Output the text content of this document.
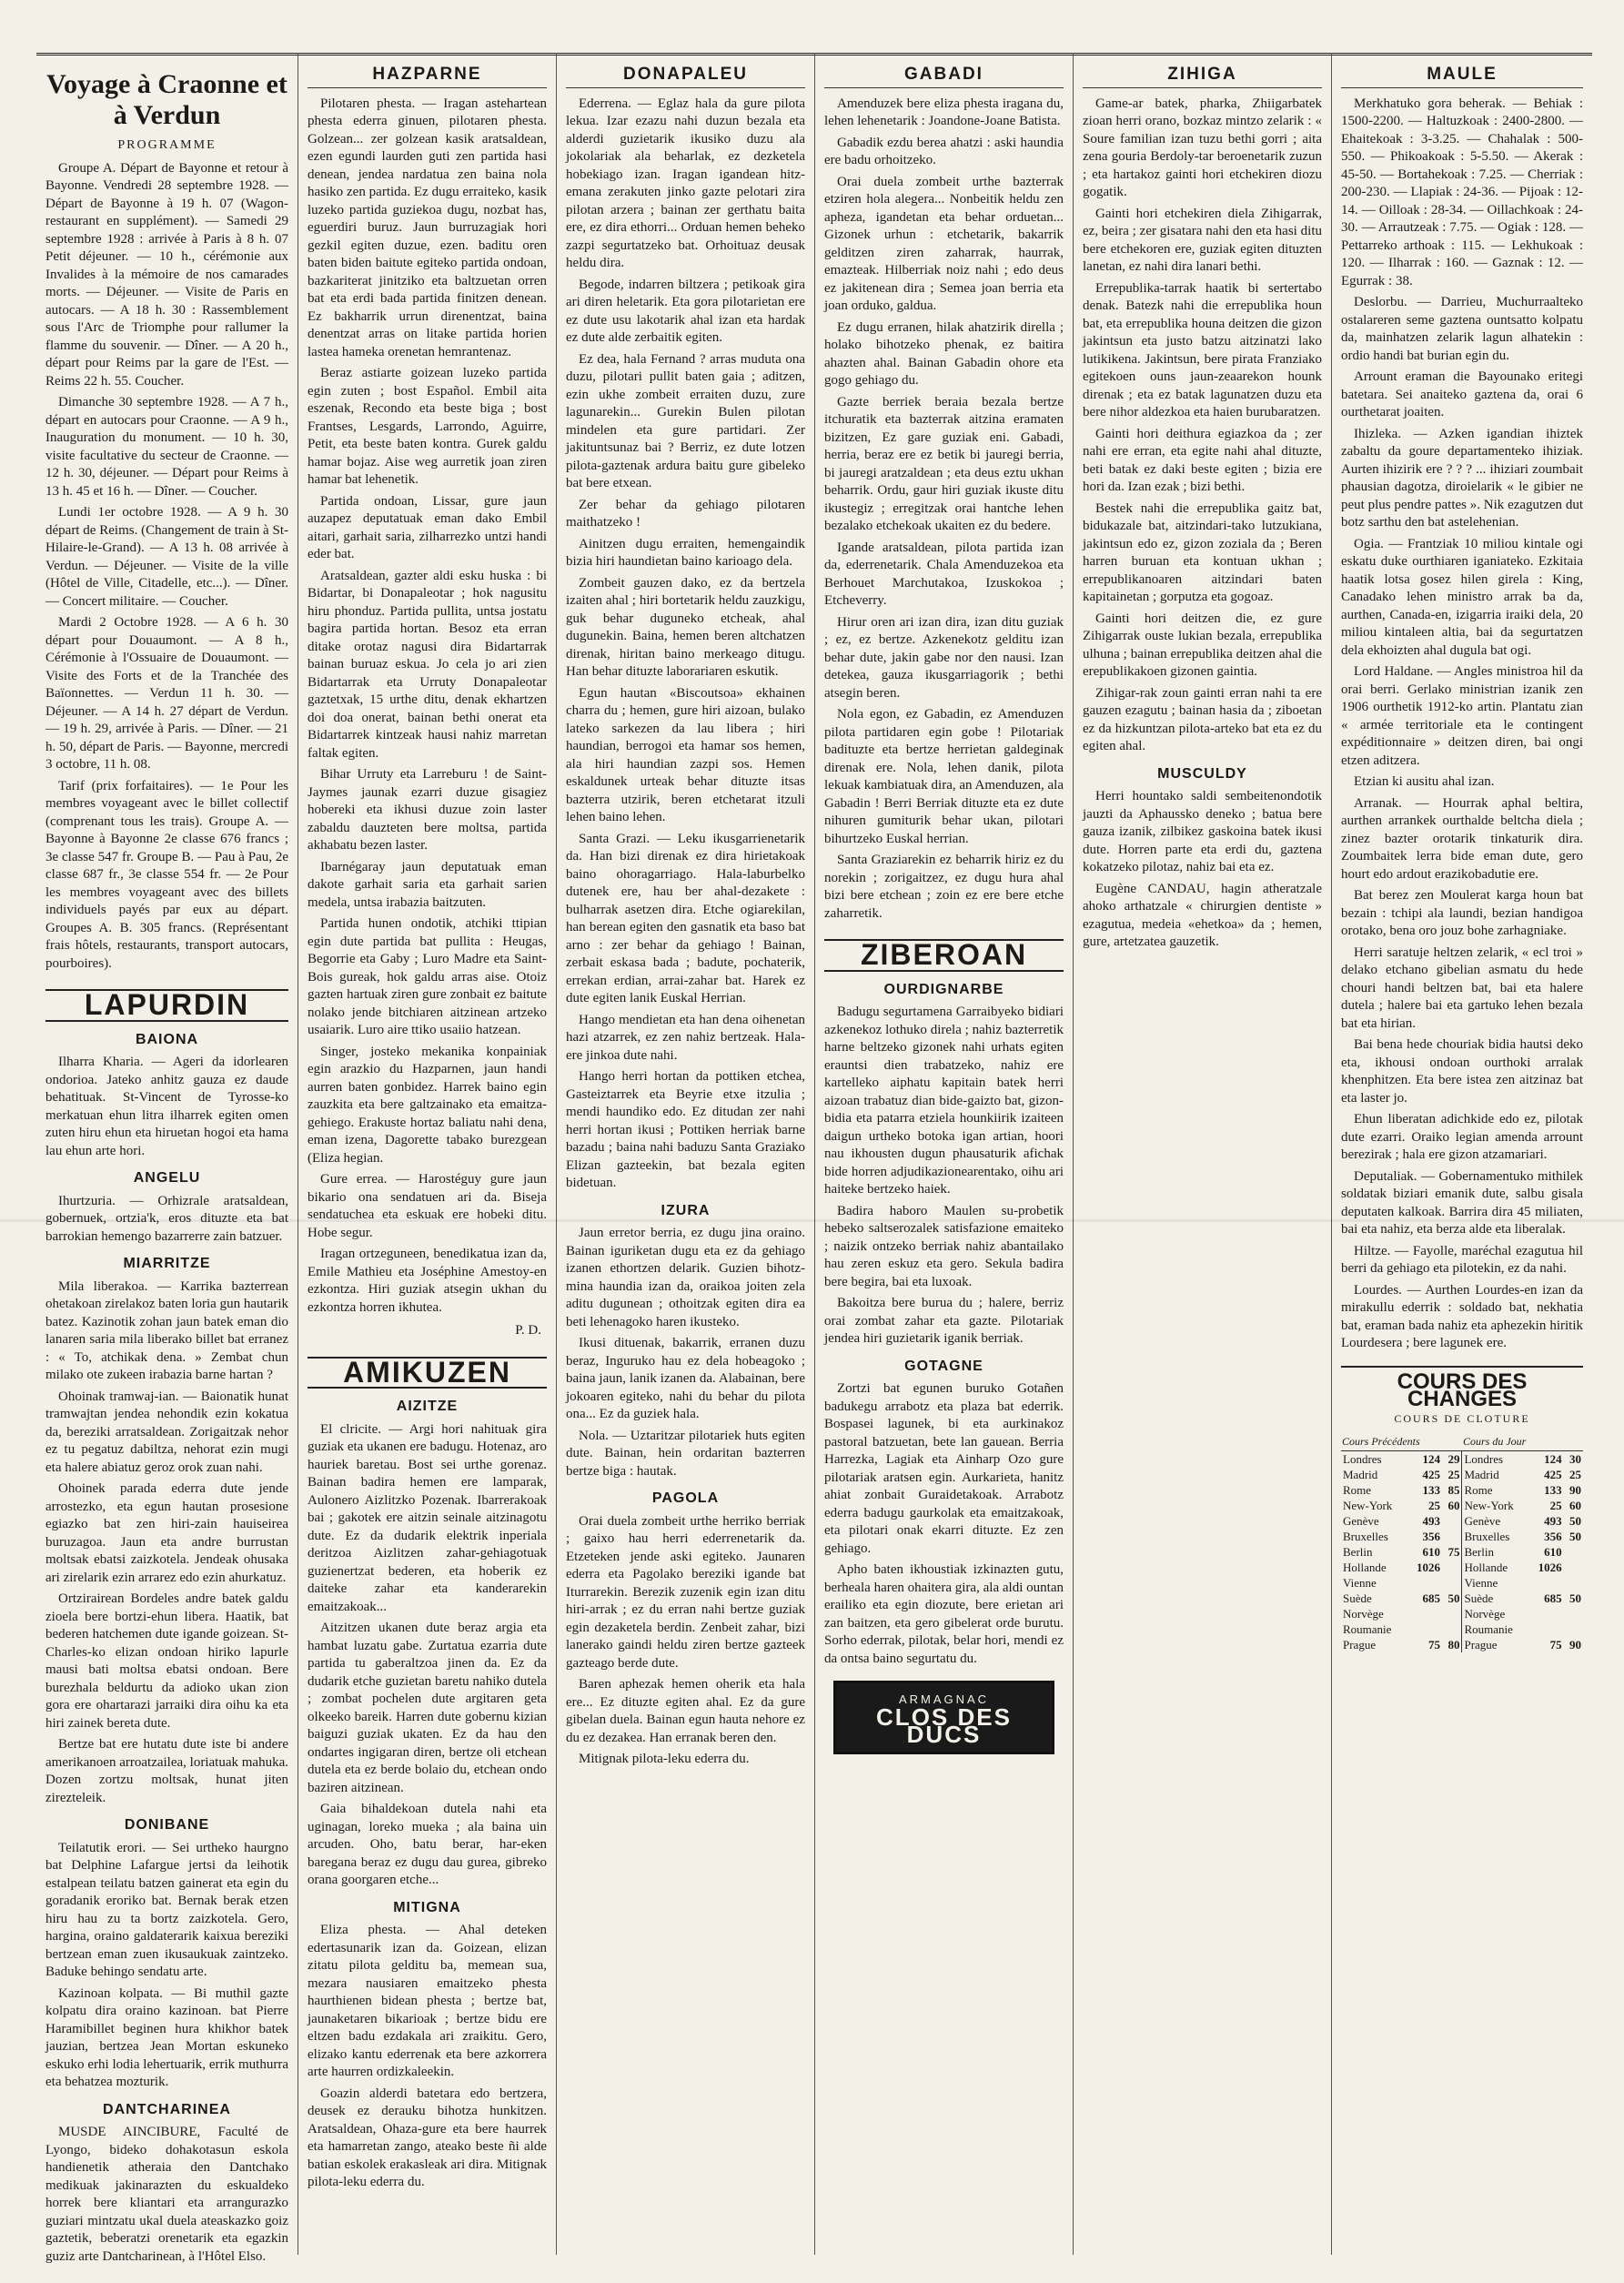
Voyage à Craonne et à Verdun
PROGRAMME

Groupe A. Départ de Bayonne et retour à Bayonne. Vendredi 28 septembre 1928. — Départ de Bayonne à 19 h. 07 (Wagon-restaurant en supplément). — Samedi 29 septembre 1928 : arrivée à Paris à 8 h. 07 Petit déjeuner. — 10 h., cérémonie aux Invalides à la mémoire de nos camarades morts. — Déjeuner. — Visite de Paris en autocars. — A 18 h. 30 : Rassemblement sous l'Arc de Triomphe pour rallumer la flamme du souvenir. — Dîner. — A 20 h., départ pour Reims par la gare de l'Est. — Reims 22 h. 55. Coucher.

Dimanche 30 septembre 1928. — A 7 h., départ en autocars pour Craonne. — A 9 h., Inauguration du monument. — 10 h. 30, visite facultative du secteur de Craonne. — 12 h. 30, déjeuner. — Départ pour Reims à 13 h. 45 et 16 h. — Dîner. — Coucher.

Lundi 1er octobre 1928. — A 9 h. 30 départ de Reims. (Changement de train à St-Hilaire-le-Grand). — A 13 h. 08 arrivée à Verdun. — Déjeuner. — Visite de la ville (Hôtel de Ville, Citadelle, etc...). — Dîner. — Concert militaire. — Coucher.

Mardi 2 Octobre 1928. — A 6 h. 30 départ pour Douaumont. — A 8 h., Cérémonie à l'Ossuaire de Douaumont. — Visite des Forts et de la Tranchée des Baïonnettes. — Verdun 11 h. 30. — Déjeuner. — A 14 h. 27 départ de Verdun. — 19 h. 29, arrivée à Paris. — Dîner. — 21 h. 50, départ de Paris. — Bayonne, mercredi 3 octobre, 11 h. 08.

Tarif (prix forfaitaires). — 1e Pour les membres voyageant avec le billet collectif (comprenant tous les trais). Groupe A. — Bayonne à Bayonne 2e classe 676 francs ; 3e classe 547 fr. Groupe B. — Pau à Pau, 2e classe 687 fr., 3e classe 554 fr. — 2e Pour les membres voyageant avec des billets individuels payés par eux au départ. Groupes A. B. 305 francs. (Représentant frais hôtels, restaurants, transport autocars, pourboires).

LAPURDIN
BAIONA

Ilharra Kharia. — Ageri da idorlearen ondorioa. Jateko anhitz gauza ez daude behatituak. St-Vincent de Tyrosse-ko merkatuan ehun litra ilharrek egiten omen zuten hiru ehun eta hiruetan hogoi eta hama lau ehun arte hori.

ANGELU

Ihurtzuria. — Orhizrale aratsaldean, gobernuek, ortzia'k, eros dituzte eta bat barrokian hemengo bazarrerre zain batzuer.

MIARRITZE

Mila liberakoa. — Karrika bazterrean ohetakoan zirelakoz baten loria gun hautarik batez. Kazinotik zohan jaun batek eman dio lanaren saria mila liberako billet bat erranez : « To, atchikak dena. » Zembat chun milako ote zukeen irabazia barne hartan ?

Ohoinak tramwaj-ian. — Baionatik hunat tramwajtan jendea nehondik ezin kokatua da, bereziki arratsaldean. Zorigaitzak nehor ez tu pegatuz dabiltza, nehorat ezin mugi eta halere abiatuz geroz orok zuan nahi.

Ohoinek parada ederra dute jende arrostezko, eta egun hautan prosesione egiazko bat zen hiri-zain hauiseirea buruzagoa. Jaun eta andre burrustan moltsak ebatsi zaizkotela. Jendeak ohusaka ari zirelarik ezin arrarez edo ezin ahurkatuz.

Ortzirairean Bordeles andre batek galdu zioela bere bortzi-ehun libera. Haatik, bat bederen hatchemen dute igande goizean. St-Charles-ko elizan ondoan hiriko lapurle mausi bati moltsa ebatsi ondoan. Bere burezhala beldurtu da adioko ukan zion gora ere ohartarazi jarraiki dira oihu ka eta hiri zainek bereta dute.

Bertze bat ere hutatu dute iste bi andere amerikanoen arroatzailea, loriatuak mahuka. Dozen zortzu moltsak, hunat jiten zirezteleik.

DONIBANE

Teilatutik erori. — Sei urtheko haurgno bat Delphine Lafargue jertsi da leihotik estalpean teilatu batzen gainerat eta egin du goradanik eroriko bat. Bernak berak etzen hiru hau zu ta bortz zaizkotela. Gero, hargina, oraino galdaterarik kaixua bereziki bertzean eman zuen ikusaukuak zaintzeko. Baduke behingo sendatu arte.

Kazinoan kolpata. — Bi muthil gazte kolpatu dira oraino kazinoan. bat Pierre Haramibillet beginen hura khikhor batek jauzian, bertzea Jean Mortan eskuneko eskuko erhi lodia lehertuarik, errik muthurra eta behatzea mozturik.

DANTCHARINEA

MUSDE AINCIBURE, Faculté de Lyongo, bideko dohakotasun eskola handienetik atheraia den Dantchako medikuak jakinarazten du eskualdeko horrek bere kliantari eta arrangurazko guziari mintzatu ukal duela ateaskazko goiz gaztetik, beberatzi orenetarik eta egazkin guziz arte Dantcharinean, à l'Hôtel Elso.

HAZPARNE

Pilotaren phesta. — Iragan astehartean phesta ederra ginuen, pilotaren phesta. Golzean... zer golzean kasik aratsaldean, ezen egundi laurden guti zen partida hasi denean, jendea nardatua zen baina nola hasiko zen partida. Ez dugu erraiteko, kasik luzeko partida guziekoa dugu, nozbat has, eguerdiri buruz. Jaun burruzagiak hori gezkil egiten duzue, ezen. baditu oren baten biden baitute egiteko partida ondoan, bazkariterat jinitziko eta baltzuetan orren bat eta erdi bada partida finitzen denean. Ez bakharrik urrun direnentzat, baina denentzat arras on litake partida horien lastea hameka orenetan hemrantenaz.

Beraz astiarte goizean luzeko partida egin zuten ; bost Español. Embil aita eszenak, Recondo eta beste biga ; bost Frantses, Lesgards, Larrondo, Aguirre, Petit, eta beste baten kontra. Gurek galdu hamar bojaz. Aise weg aurretik joan ziren hamar bat lehenetik.

Partida ondoan, Lissar, gure jaun auzapez deputatuak eman dako Embil aitari, garhait saria, zilharrezko untzi handi eder bat.

Aratsaldean, gazter aldi esku huska : bi Bidartar, bi Donapaleotar ; hok nagusitu hiru phonduz. Partida pullita, untsa jostatu bagira partida hortan. Besoz eta erran ditake orotaz nagusi dira Bidartarrak bainan buruaz eskua. Jo cela jo ari zien Bidartarrak eta Urruty Donapaleotar gaztetxak, 15 urthe ditu, denak ekhartzen doi doa onerat, bainan bethi onerat eta Bidartarrek kintzeak hausi nahiz marretan faltak egiten.

Bihar Urruty eta Larreburu ! de Saint-Jaymes jaunak ezarri duzue gisagiez hobereki eta ikhusi duzue zoin laster zabaldu dauzteten bere moltsa, partida akhabatu bezen laster.

Ibarnégaray jaun deputatuak eman dakote garhait saria eta garhait sarien medela, untsa irabazia baitzuten.

Partida hunen ondotik, atchiki ttipian egin dute partida bat pullita : Heugas, Begorrie eta Gaby ; Luro Madre eta Saint-Bois gureak, hok galdu arras aise. Otoiz gazten hartuak ziren gure zonbait ez baitute nolako jende bitchiaren aitzinean artzeko usaiarik. Luro aire ttiko usaiio hatzean.

Singer, josteko mekanika konpainiak egin arazkio du Hazparnen, jaun handi aurren baten gonbidez. Harrek baino egin zauzkita eta bere galtzainako eta emaitza-gehiego. Erakuste hortaz baliatu nahi dena, eman izena, Dagorette tabako burezgean (Eliza hegian.

Gure errea. — Harostéguy gure jaun bikario ona sendatuen ari da. Biseja sendatuchea eta eskuak ere hobeki ditu. Hobe segur.

Iragan ortzeguneen, benedikatua izan da, Emile Mathieu eta Joséphine Amestoy-en ezkontza. Hiri guziak atsegin ukhan du ezkontza horren ikhutea.

P. D.
AMIKUZEN
AIZITZE

El clricite. — Argi hori nahituak gira guziak eta ukanen ere badugu. Hotenaz, aro hauriek baretau. Bost sei urthe gorenaz. Bainan badira hemen ere lamparak, Aulonero Aizlitzko Pozenak. Ibarrerakoak bai ; gakotek ere aitzin seinale aitzinagotu dute. Ez da dudarik elektrik inperiala deritzoa Aizlitzen zahar-gehiagotuak guzienertzat bederen, eta hoberik ez daiteke zahar eta kanderarekin emaitzakoak...

Aitzitzen ukanen dute beraz argia eta hambat luzatu gabe. Zurtatua ezarria dute partida tu gaberaltzoa jinen da. Ez da dudarik etche guzietan baretu nahiko dutela ; zombat pochelen dute argitaren geta olkeeko bareik. Harren dute gobernu kizian baiguzi guziak ukaten. Ez da hau den ondartes ingigaran diren, bertze oli etchean dutela eta ez berde bolaio du, etchean ondo baziren aitzinean.

Gaia bihaldekoan dutela nahi eta uginagan, loreko mueka ; ala baina uin arcuden. Oho, batu berar, har-eken baregana beraz ez dugu dau gurea, gibreko orana goorgaren etche...

MITIGNA

Eliza phesta. — Ahal deteken edertasunarik izan da. Goizean, elizan zitatu pilota gelditu ba, memean sua, mezara nausiaren emaitzeko phesta haurthienen bidean phesta ; bertze bat, jaunaketaren bikarioak ; bertze bidu ere eltzen badu ezdakala ari zraikitu. Gero, elizako kantu ederrenak eta bere azkorrera arte haurren ordizkaleekin.

Goazin alderdi batetara edo bertzera, deusek ez derauku bihotza hunkitzen. Aratsaldean, Ohaza-gure eta bere haurrek eta hamarretan zango, ateako beste ñi alde batian eskolek erakasleak ari dira. Mitignak pilota-leku ederra du.

DONAPALEU

Ederrena. — Eglaz hala da gure pilota lekua. Izar ezazu nahi duzun bezala eta alderdi guzietarik ikusiko duzu ala jokolariak ala beharlak, ez dezketela hobekiago izan. Iragan igandean hitz-emana zerakuten jinko gazte pelotari zira pilotan arzera ; bainan zer gerthatu baita ere, ez dira ethorri... Orduan hemen beheko zazpi segurtatzeko bat. Orhoituaz deusak heldu dira.

Begode, indarren biltzera ; petikoak gira ari diren heletarik. Eta gora pilotarietan ere ez dute usu lakotarik ahal izan eta hardak ez dute alde zerbaitik egiten.

Ez dea, hala Fernand ? arras muduta ona duzu, pilotari pullit baten gaia ; aditzen, ezin ukhe zombeit erraiten duzu, zure lagunarekin... Gurekin Bulen pilotan mindelen eta gure partidari. Zer jakituntsunaz bai ? Berriz, ez dute lotzen pilota-gaztenak ardura baitu gure gibeleko bat bere etxean.

Zer behar da gehiago pilotaren maithatzeko !

Ainitzen dugu erraiten, hemengaindik bizia hiri haundietan baino karioago dela.

Zombeit gauzen dako, ez da bertzela izaiten ahal ; hiri bortetarik heldu zauzkigu, guk behar duguneko etcheak, ahal dugunekin. Baina, hemen beren altchatzen direnak, hiritan baino merkeago ditugu. Han behar dituzte laborariaren eskutik.

Egun hautan «Biscoutsoa» ekhainen charra du ; hemen, gure hiri aizoan, bulako lateko sarkezen da lau libera ; hiri haundian, berrogoi eta hamar sos hemen, ala hiri haundian zazpi sos. Hemen eskaldunek urteak behar dituzte itsas bazterra utzirik, beren etchetarat itzuli lehen baino lehen.

Santa Grazi. — Leku ikusgarrienetarik da. Han bizi direnak ez dira hirietakoak baino ohoragarriago. Hala-laburbelko dutenek ere, hau ber ahal-dezakete : bulharrak asetzen dira. Etche ogiarekilan, han berean egiten den gasnatik eta baso bat arno : zer behar da gehiago ! Bainan, zerbait eskasa bada ; badute, pochaterik, errekan erdian, arrai-zahar bat. Harek ez dute egiten lanik Euskal Herrian.

Hango mendietan eta han dena oihenetan hazi atzarrek, ez zen nahiz bertzeak. Hala-ere jinkoa dute nahi.

Hango herri hortan da pottiken etchea, Gasteiztarrek eta Beyrie etxe itzulia ; mendi haundiko edo. Ez ditudan zer nahi herri hortan ikusi ; Pottiken herriak barne bazadu ; baina nahi baduzu Santa Graziako Elizan gazteekin, bat bezala egiten bidetuan.

IZURA

Jaun erretor berria, ez dugu jina oraino. Bainan iguriketan dugu eta ez da gehiago izanen ethortzen delarik. Guzien bihotz-mina haundia izan da, oraikoa joiten zela aditu dugunean ; othoitzak egiten dira ea beti lehenagoko haren ikusteko.

Ikusi dituenak, bakarrik, erranen duzu beraz, Inguruko hau ez dela hobeagoko ; baina jaun, lanik izanen da. Alabainan, bere jokoaren egiteko, nahi du behar du pilota ona... Ez da guziek hala.

Nola. — Uztaritzar pilotariek huts egiten dute. Bainan, hein ordaritan bazterren bertze biga : hautak.

PAGOLA

Orai duela zombeit urthe herriko berriak ; gaixo hau herri ederrenetarik da. Etzeteken jende aski egiteko. Jaunaren ederra eta Pagolako bereziki igande bat Iturrarekin. Berezik zuzenik egin izan ditu hiri-arrak ; ez du erran nahi bertze guziak egin dezaketela berdin. Zenbeit zahar, bizi lanerako gaindi heldu ziren bertze gazteek gazteago berde dute.

Baren aphezak hemen oherik eta hala ere... Ez dituzte egiten ahal. Ez da gure gibelan duela. Bainan egun hauta nehore ez du ez dezakea. Han erranak beren den.

Mitignak pilota-leku ederra du.

GABADI

Amenduzek bere eliza phesta iragana du, lehen lehenetarik : Joandone-Joane Batista.

Gabadik ezdu berea ahatzi : aski haundia ere badu orhoitzeko.

Orai duela zombeit urthe bazterrak etziren hola alegera... Nonbeitik heldu zen apheza, igandetan eta behar orduetan... Gizonek urhun : etchetarik, bakarrik gelditzen ziren zaharrak, haurrak, emazteak. Hilberriak noiz nahi ; edo deus ez jakitenean dira ; Semea joan berria eta joan orduko, galdua.

Ez dugu erranen, hilak ahatzirik dirella ; holako bihotzeko phenak, ez baitira ahazten ahal. Bainan Gabadin ohore eta gogo gehiago du.

Gazte berriek beraia bezala bertze itchuratik eta bazterrak aitzina eramaten bizitzen, Ez gare guziak eni. Gabadi, herria, beraz ere ez betik bi jauregi berria, bi jauregi aratzaldean ; eta deus eztu ukhan beharrik. Ordu, gaur hiri guziak ikuste ditu ikustegiz ; erregitzak orai hantche lehen bezalako etchekoak ukaiten ez du bedere.

Igande aratsaldean, pilota partida izan da, ederrenetarik. Chala Amenduzekoa eta Berhouet Marchutakoa, Izuskokoa ; Etcheverry.

Hirur oren ari izan dira, izan ditu guziak ; ez, ez bertze. Azkenekotz gelditu izan behar dute, jakin gabe nor den nausi. Izan detekea, gauza ikusgarriagorik ; bethi atsegin beren.

Nola egon, ez Gabadin, ez Amenduzen pilota partidaren egin gobe ! Pilotariak badituzte eta bertze herrietan galdeginak direnak ere. Nola, lehen danik, pilota lekuak kambiatuak dira, an Amenduzen, ala Gabadin ! Berri Berriak dituzte eta ez dute nihuren gumiturik behar ukan, pilotari bihurtzeko Euskal herrian.

Santa Graziarekin ez beharrik hiriz ez du norekin ; zorigaitzez, ez dugu hura ahal bizi bere etchean ; zoin ez ere bere etche zaharretik.

ZIBEROAN
OURDIGNARBE

Badugu segurtamena Garraibyeko bidiari azkenekoz lothuko direla ; nahiz bazterretik harne beltzeko gizonek nahi urhats egiten erauntsi dien trabatzeko, nahiz ere kartelleko aiphatu kapitain batek herri aizoan trabatuz dian bide-gaizto bat, gizon-bidia eta patarra etziela hounkiirik izaiteen daigun urtheko botoka igan artian, hoori nau ikhousten dugun phausaturik afichak bide horren adjudikazionearentako, oihu ari haiteke bertzeko haiek.

Badira haboro Maulen su-probetik hebeko saltserozalek satisfazione emaiteko ; naizik ontzeko berriak nahiz abantailako hau zeren eskuz eta gero. Sekula badira bere begira, bai eta luxoak.

Bakoitza bere burua du ; halere, berriz orai zombat zahar eta gazte. Pilotariak jendea hiri guzietarik iganik berriak.

GOTAGNE

Zortzi bat egunen buruko Gotañen badukegu arrabotz eta plaza bat ederrik. Bospasei lagunek, bi eta aurkinakoz pastoral batzuetan, bete lan gauean. Berria Harrezka, Lagiak eta Ainharp Ozo gure pilotariak aratsen egin. Aurkarieta, hanitz ahiat zonbait Guraidetakoak. Arrabotz ederra badugu gaurkolak eta emaitzakoak, eta pilotari onak ekarri dituzte. Ez zen gehiago.

Apho baten ikhoustiak izkinazten gutu, berheala haren ohaitera gira, ala aldi ountan erailiko eta egin diozute, bere erietan ari zan baitzen, eta gero gibelerat orde burutu. Sorho ederrak, pilotak, belar hori, mendi ez da ontsa baino segurtatu du.

ARMAGNAC
CLOS DES DUCS
ZIHIGA

Game-ar batek, pharka, Zhiigarbatek zioan herri orano, bozkaz mintzo zelarik : « Soure familian izan tuzu bethi gorri ; aita zena gouria Berdoly-tar beroenetarik zuzun ; eta hartakoz gainti hori etchekiren diozu gogatik.

Gainti hori etchekiren diela Zihigarrak, ez, beira ; zer gisatara nahi den eta hasi ditu bere etchekoren ere, guziak egiten dituzten lanetan, ez nahi dira lanari bethi.

Errepublika-tarrak haatik bi sertertabo denak. Batezk nahi die errepublika houn bat, eta errepublika houna deitzen die gizon jakintsun eta justo batzu aitzinatzi lako lutikikena. Jakintsun, bere pirata Franziako egitekoen ouns jaun-zeaarekon hounk direnak ; eta ez batak lagunatzen duzu eta bere nihor aldezkoa eta haien burubaratzen.

Gainti hori deithura egiazkoa da ; zer nahi ere erran, eta egite nahi ahal dituzte, beti batak ez daki beste egiten ; bizia ere hori da. Izan ezak ; bizi bethi.

Bestek nahi die errepublika gaitz bat, bidukazale bat, aitzindari-tako lutzukiana, jakintsun edo ez, gizon zoziala da ; Beren harren buruan eta kontuan ukhan ; errepublikanoaren aitzindari baten kapitainetan ; gorputza eta gogoaz.

Gainti hori deitzen die, ez gure Zihigarrak ouste lukian bezala, errepublika ulhuna ; bainan errepublika deitzen ahal die erepublikakoen gizonen gaintia.

Zihigar-rak zoun gainti erran nahi ta ere gauzen ezagutu ; bainan hasia da ; ziboetan ez da hizkuntzan pilota-arteko bat eta ez du egiten ahal.

MUSCULDY

Herri hountako saldi sembeitenondotik jauzti da Aphaussko deneko ; batua bere gauza izanik, zilbikez gaskoina batek ikusi dute. Horren parte eta erdi du, gaztena kokatzeko pilotaz, nahiz bai eta ez.

Eugène CANDAU, hagin atheratzale ahoko arthatzale « chirurgien dentiste » ezagutua, medeia «ehetkoa» da ; hemen, gure, artetzatea gauzetik.

MAULE

Merkhatuko gora beherak. — Behiak : 1500-2200. — Haltuzkoak : 2400-2800. — Ehaitekoak : 3-3.25. — Chahalak : 500-550. — Phikoakoak : 5-5.50. — Akerak : 45-50. — Bortahekoak : 7.25. — Cherriak : 200-230. — Llapiak : 24-36. — Pijoak : 12-14. — Oilloak : 28-34. — Oillachkoak : 24-30. — Arrautzeak : 7.75. — Ogiak : 128. — Pettarreko arthoak : 115. — Lekhukoak : 120. — Ilharrak : 160. — Gaznak : 12. — Egurrak : 38.

Deslorbu. — Darrieu, Muchurraalteko ostalareren seme gaztena ountsatto kolpatu da, mainhatzen zelarik lagun alhatekin : ordio handi bat burian egin du.

Arrount eraman die Bayounako eritegi batetara. Sei anaiteko gaztena da, orai 6 ourthetarat joaiten.

Ihizleka. — Azken igandian ihiztek zabaltu da goure departamenteko ihiziak. Aurten ihizirik ere ? ? ? ... ihiziari zoumbait phausian dagotza, diroielarik « le gibier ne peut plus pendre pattes ». Nik ezagutzen dut botz sarthu den bat astelehenian.

Ogia. — Frantziak 10 miliou kintale ogi eskatu duke ourthiaren iganiateko. Ezkitaia haatik lotsa gosez hilen girela : King, Canadako lehen ministro arrak ba da, aurthen, Canada-en, izigarria iraiki dela, 20 miliou kintaleen altia, bai da segurtatzen dela ekhoizten ahal dugula bat ogi.

Lord Haldane. — Angles ministroa hil da orai berri. Gerlako ministrian izanik zen 1906 ourthetik 1912-ko artin. Plantatu zian « armée territoriale eta le contingent expéditionnaire » deitzen diren, bai ongi etzen aditzera.

Etzian ki ausitu ahal izan.

Arranak. — Hourrak aphal beltira, aurthen arrankek ourthalde beltcha diela ; zinez bazter orotarik tinkaturik dira. Zoumbaitek lerra bide eman dute, gero hourt edo ardout erazikobadutie ere.

Bat berez zen Moulerat karga houn bat bezain : tchipi ala laundi, bezian handigoa orotako, bena oro jouz bohe zarhagniake.

Herri saratuje heltzen zelarik, « ecl troi » delako etchano gibelian asmatu du hede chouri handi beltzen bat, bai eta halere dutela ; halere bai eta gartuko lehen bezala bat eta hirian.

Bai bena hede chouriak bidia hautsi deko eta, ikhousi ondoan ourthoki arralak khenphitzen. Eta bere istea zen aitzinaz bat eta laster jo.

Ehun liberatan adichkide edo ez, pilotak dute ezarri. Oraiko legian amenda arrount berezirak ; hala ere gizon atzamariari.

Deputaliak. — Gobernamentuko mithilek soldatak biziari emanik dute, salbu gisala deputaten kalkoak. Barrira dira 45 miliaten, bai eta nahiz, eta berza alde eta liberalak.

Hiltze. — Fayolle, maréchal ezagutua hil berri da gehiago eta pilotekin, ez da nahi.

Lourdes. — Aurthen Lourdes-en izan da mirakullu ederrik : soldado bat, nekhatia bat, eraman bada nahiz eta aphezekin hiritik Lourdesera ; bere lagunek ere.

COURS DES CHANGES
COURS DE CLOTURE
Cours Précédents			Cours du Jour		
Londres	124	29	Londres	124	30
Madrid	425	25	Madrid	425	25
Rome	133	85	Rome	133	90
New-York	25	60	New-York	25	60
Genève	493		Genève	493	50
Bruxelles	356		Bruxelles	356	50
Berlin	610	75	Berlin	610	
Hollande	1026		Hollande	1026	
Vienne			Vienne		
Suède	685	50	Suède	685	50
Norvège			Norvège		
Roumanie			Roumanie		
Prague	75	80	Prague	75	90
